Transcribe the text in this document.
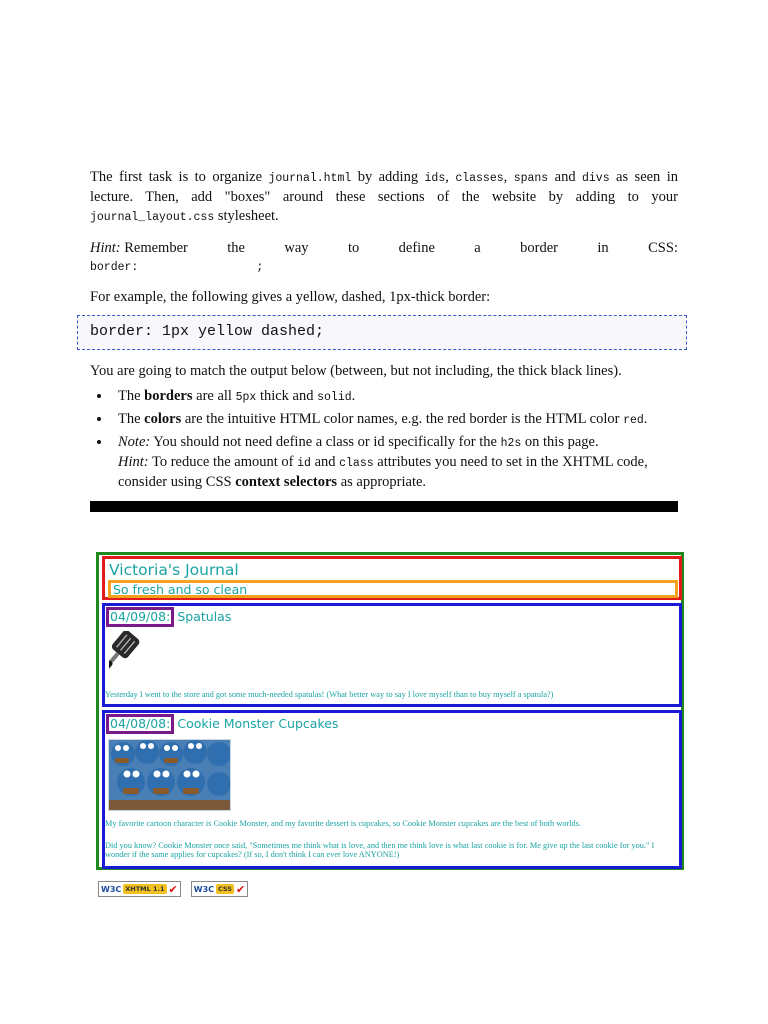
The first task is to organize journal.html by adding ids, classes, spans and divs as seen in lecture. Then, add "boxes" around these sections of the website by adding to your journal_layout.css stylesheet.

Hint: Remember	the	way	to	define	a	border	in	CSS:
border:	;

For example, the following gives a yellow, dashed, 1px-thick border:

border: 1px yellow dashed;

You are going to match the output below (between, but not including, the thick black lines).

• The borders are all 5px thick and solid.
• The colors are the intuitive HTML color names, e.g. the red border is the HTML color red.
• Note: You should not need define a class or id specifically for the h2s on this page.
Hint: To reduce the amount of id and class attributes you need to set in the XHTML code, consider using CSS context selectors as appropriate.
Victoria's Journal
So fresh and so clean
04/09/08: Spatulas

Yesterday I went to the store and got some much-needed spatulas! (What better way to say I love myself than to buy myself a spatula?)

04/08/08: Cookie Monster Cupcakes

My favorite cartoon character is Cookie Monster, and my favorite dessert is cupcakes, so Cookie Monster cupcakes are the best of both worlds.

Did you know? Cookie Monster once said, "Sometimes me think what is love, and then me think love is what last cookie is for. Me give up the last cookie for you." I wonder if the same applies for cupcakes? (If so, I don't think I can ever love ANYONE!)

W3C XHTML 1.1 ✔ W3C CSS ✔
